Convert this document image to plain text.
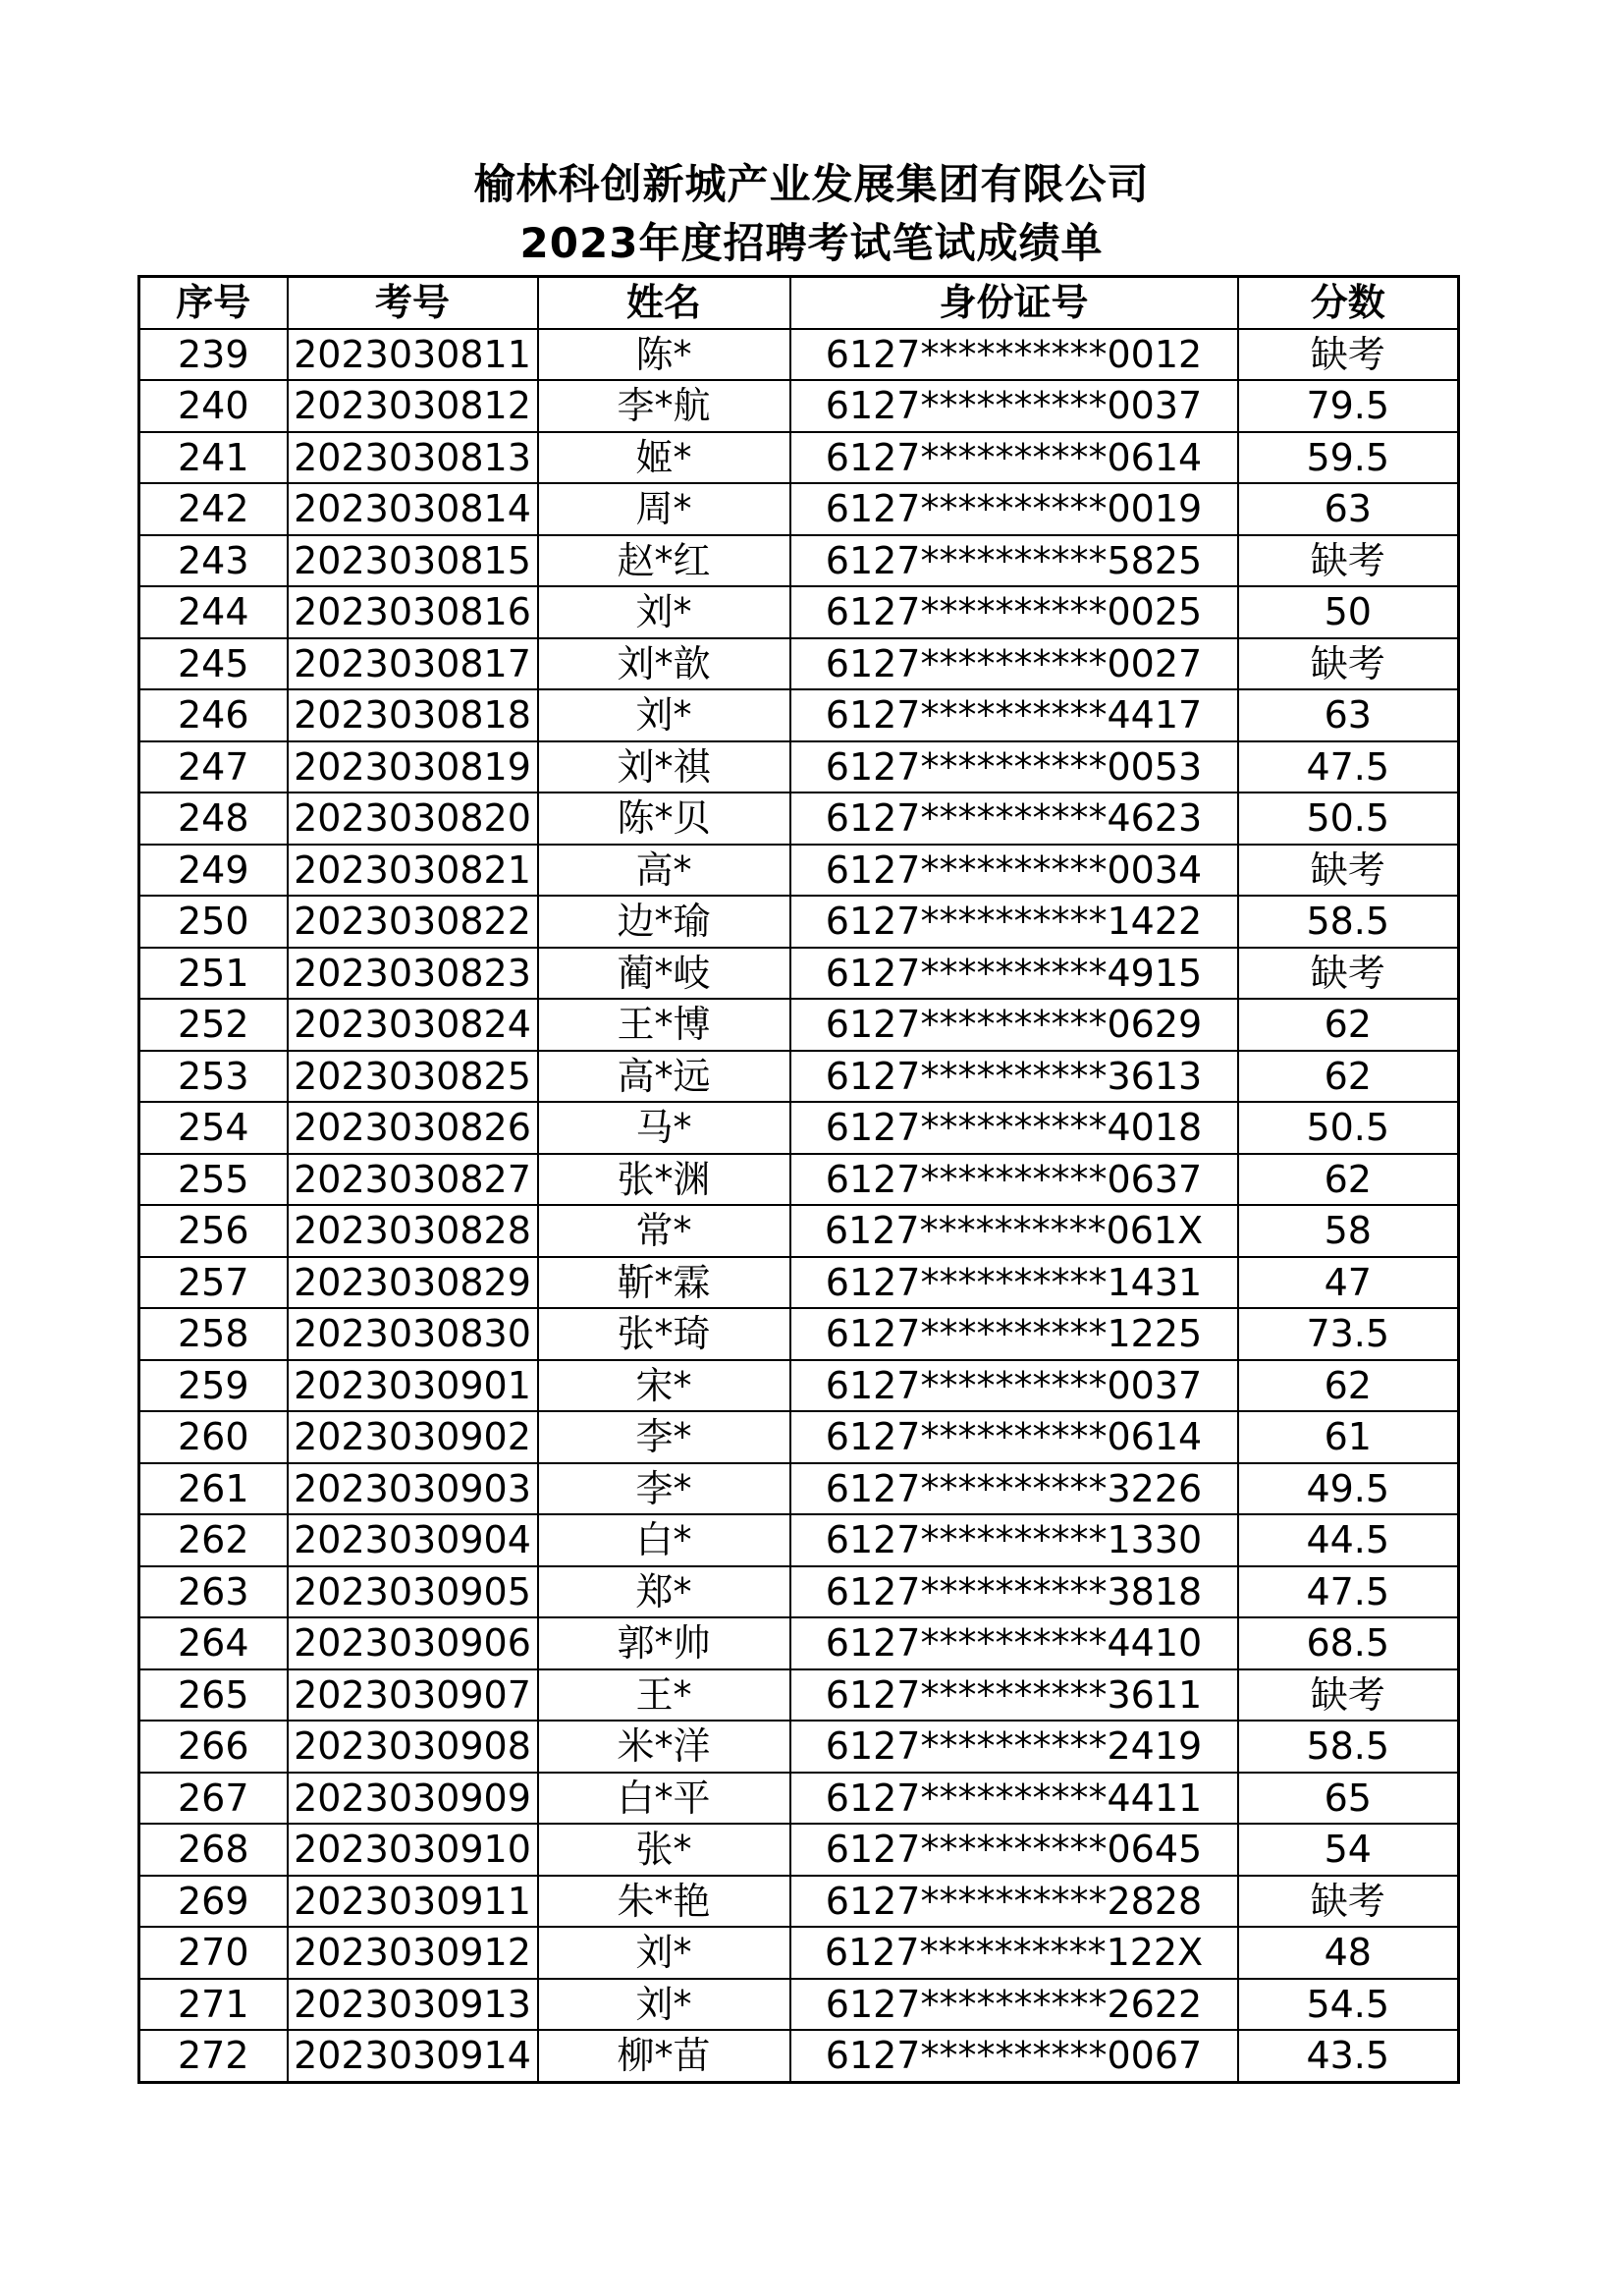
榆林科创新城产业发展集团有限公司
2023年度招聘考试笔试成绩单
序号	考号	姓名	身份证号	分数
239	2023030811	陈*	6127**********0012	缺考
240	2023030812	李*航	6127**********0037	79.5
241	2023030813	姬*	6127**********0614	59.5
242	2023030814	周*	6127**********0019	63
243	2023030815	赵*红	6127**********5825	缺考
244	2023030816	刘*	6127**********0025	50
245	2023030817	刘*歆	6127**********0027	缺考
246	2023030818	刘*	6127**********4417	63
247	2023030819	刘*祺	6127**********0053	47.5
248	2023030820	陈*贝	6127**********4623	50.5
249	2023030821	高*	6127**********0034	缺考
250	2023030822	边*瑜	6127**********1422	58.5
251	2023030823	蔺*岐	6127**********4915	缺考
252	2023030824	王*博	6127**********0629	62
253	2023030825	高*远	6127**********3613	62
254	2023030826	马*	6127**********4018	50.5
255	2023030827	张*渊	6127**********0637	62
256	2023030828	常*	6127**********061X	58
257	2023030829	靳*霖	6127**********1431	47
258	2023030830	张*琦	6127**********1225	73.5
259	2023030901	宋*	6127**********0037	62
260	2023030902	李*	6127**********0614	61
261	2023030903	李*	6127**********3226	49.5
262	2023030904	白*	6127**********1330	44.5
263	2023030905	郑*	6127**********3818	47.5
264	2023030906	郭*帅	6127**********4410	68.5
265	2023030907	王*	6127**********3611	缺考
266	2023030908	米*洋	6127**********2419	58.5
267	2023030909	白*平	6127**********4411	65
268	2023030910	张*	6127**********0645	54
269	2023030911	朱*艳	6127**********2828	缺考
270	2023030912	刘*	6127**********122X	48
271	2023030913	刘*	6127**********2622	54.5
272	2023030914	柳*苗	6127**********0067	43.5
